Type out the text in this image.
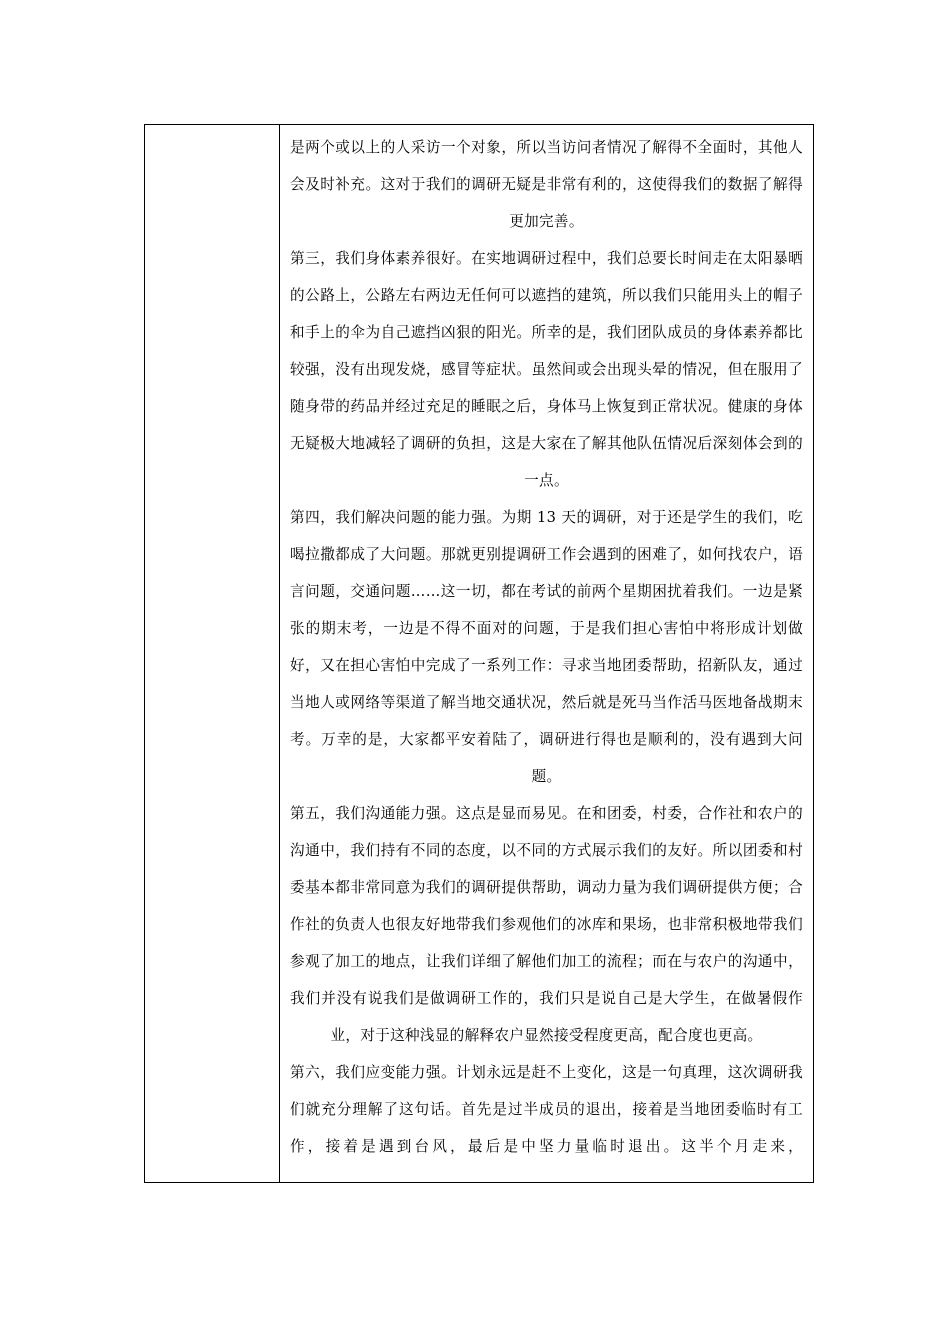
是两个或以上的人采访一个对象，所以当访问者情况了解得不全面时，其他人会及时补充。这对于我们的调研无疑是非常有利的，这使得我们的数据了解得更加完善。

第三，我们身体素养很好。在实地调研过程中，我们总要长时间走在太阳暴晒的公路上，公路左右两边无任何可以遮挡的建筑，所以我们只能用头上的帽子和手上的伞为自己遮挡凶狠的阳光。所幸的是，我们团队成员的身体素养都比较强，没有出现发烧，感冒等症状。虽然间或会出现头晕的情况，但在服用了随身带的药品并经过充足的睡眠之后，身体马上恢复到正常状况。健康的身体无疑极大地减轻了调研的负担，这是大家在了解其他队伍情况后深刻体会到的一点。

第四，我们解决问题的能力强。为期 13 天的调研，对于还是学生的我们，吃喝拉撒都成了大问题。那就更别提调研工作会遇到的困难了，如何找农户，语言问题，交通问题……这一切，都在考试的前两个星期困扰着我们。一边是紧张的期末考，一边是不得不面对的问题，于是我们担心害怕中将形成计划做好，又在担心害怕中完成了一系列工作：寻求当地团委帮助，招新队友，通过当地人或网络等渠道了解当地交通状况，然后就是死马当作活马医地备战期末考。万幸的是，大家都平安着陆了，调研进行得也是顺利的，没有遇到大问题。

第五，我们沟通能力强。这点是显而易见。在和团委，村委，合作社和农户的沟通中，我们持有不同的态度，以不同的方式展示我们的友好。所以团委和村委基本都非常同意为我们的调研提供帮助，调动力量为我们调研提供方便；合作社的负责人也很友好地带我们参观他们的冰库和果场，也非常积极地带我们参观了加工的地点，让我们详细了解他们加工的流程；而在与农户的沟通中，我们并没有说我们是做调研工作的，我们只是说自己是大学生，在做暑假作业，对于这种浅显的解释农户显然接受程度更高，配合度也更高。

第六，我们应变能力强。计划永远是赶不上变化，这是一句真理，这次调研我们就充分理解了这句话。首先是过半成员的退出，接着是当地团委临时有工作，接着是遇到台风，最后是中坚力量临时退出。这半个月走来，
